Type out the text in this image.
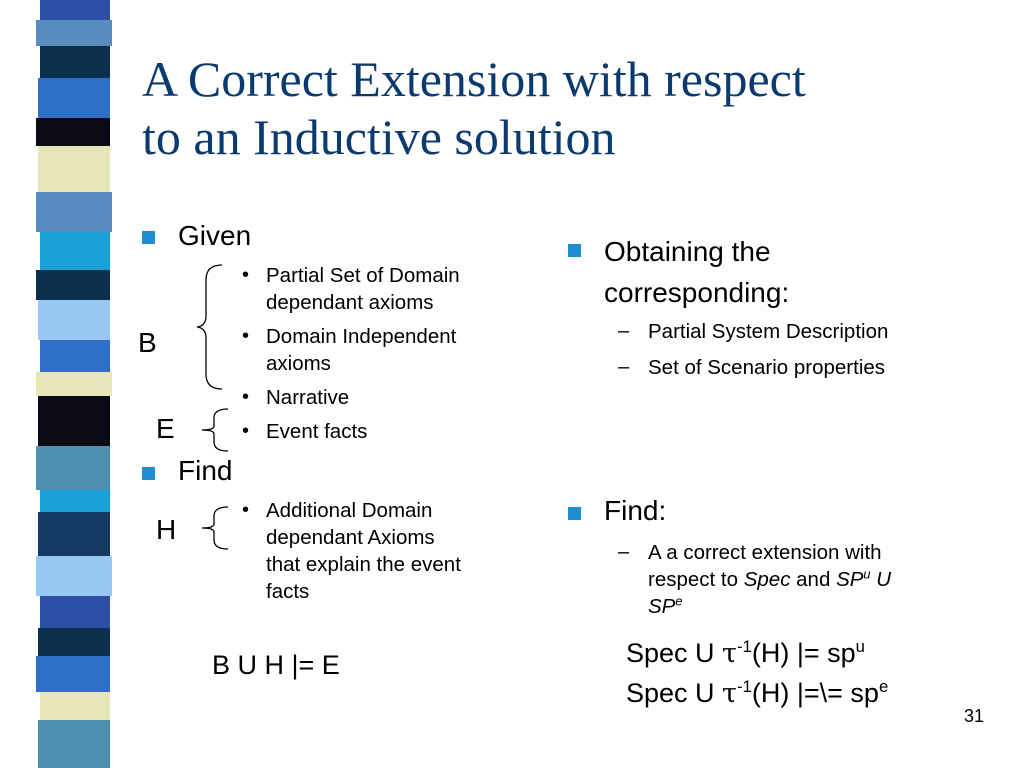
A Correct Extension with respect
to an Inductive solution
Given
B
• Partial Set of Domain
dependant axioms
• Domain Independent
axioms
• Narrative
E	• Event facts
Find
H
• Additional Domain
dependant Axioms
that explain the event
facts
B U H |= E
Obtaining the
corresponding:
– Partial System Description
– Set of Scenario properties
Find:
– A a correct extension with
respect to Spec and $SP^u$ U
$SP^e$
Spec U $\tau^{-1}(H)$ |= $sp^u$
Spec U $\tau^{-1}(H)$ |=\= $sp^e$
31
